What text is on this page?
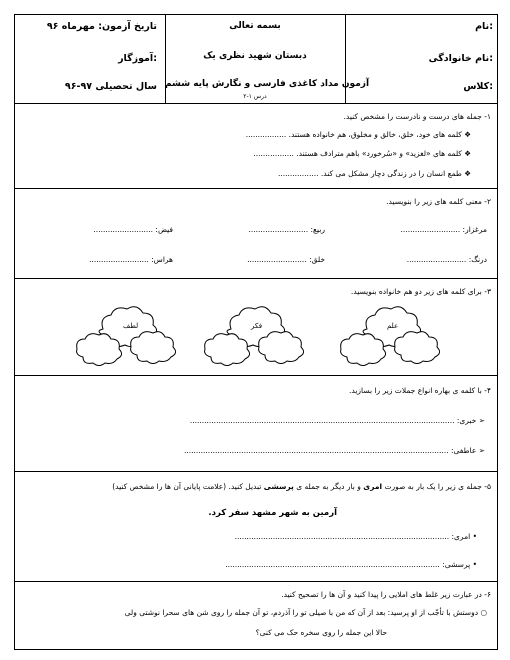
نام:
نام خانوادگی:
کلاس:
بسمه تعالی
دبستان شهید نظری یک
آزمون مداد کاغذی فارسی و نگارش پایه ششم
درس ۱-۲
تاریخ آزمون: مهرماه ۹۶
آموزگار:
سال تحصیلی ۹۷-۹۶
۱- جمله های درست و نادرست را مشخص کنید.
❖ کلمه های خود، خلق، خالق و مخلوق، هم خانواده هستند. .................
❖ کلمه های «لغزید» و «سُرخورد» باهم مترادف هستند. .................
❖ طمع انسان را در زندگی دچار مشکل می کند. .................
۲- معنی کلمه های زیر را بنویسید.
مرغزار: .........................
ربیع: .........................
فیض: .........................
درنگ: .........................
خلق: .........................
هراس: .........................
۳- برای کلمه های زیر دو هم خانواده بنویسید.
علم
فکر
لطف
۴- با کلمه ی بهاره انواع جملات زیر را بسازید.
➢ خبری: ...............................................................................................................
➢ عاطفی: ...............................................................................................................
۵- جمله ی زیر را یک بار به صورت امری و بار دیگر به جمله ی پرسشی تبدیل کنید. (علامت پایانی آن ها را مشخص کنید)
آرمین به شهر مشهد سفر کرد.
• امری: ..........................................................................................
• پرسشی: ..........................................................................................
۶- در عبارت زیر غلط های املایی را پیدا کنید و آن ها را تصحیح کنید.
○ دوستش با تأجّب از او پرسید: بعد از آن که من با صیلی تو را آذردم، تو آن جمله را روی شن های سحرا نوشتی ولی
حالا این جمله را روی سخره حک می کنی؟
